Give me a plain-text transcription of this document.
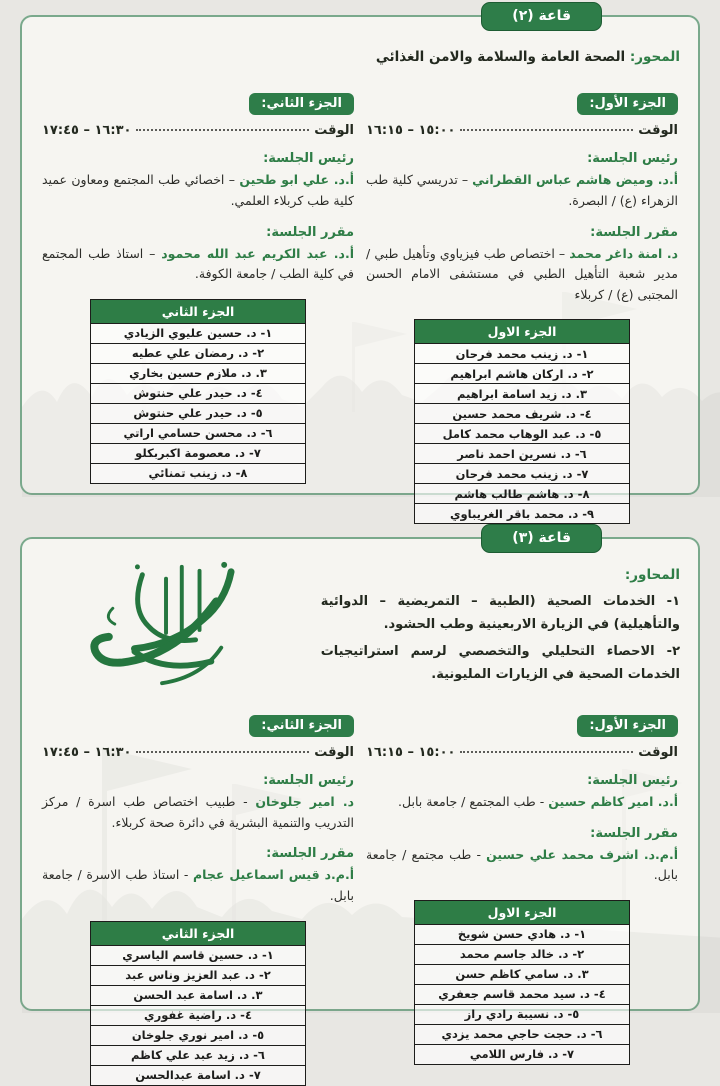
قاعة (٢)

المحور: الصحة العامة والسلامة والامن الغذائي

الجزء الأول:
الوقت
١٥:٠٠ – ١٦:١٥

رئيس الجلسة:

أ.د. وميض هاشم عباس القطراني – تدريسي كلية طب الزهراء (ع) / البصرة.

مقرر الجلسة:

د. امنة داغر محمد – اختصاص طب فيزياوي وتأهيل طبي / مدير شعبة التأهيل الطبي في مستشفى الامام الحسن المجتبى (ع) / كربلاء

الجزء الاول
١- د. زينب محمد فرحان
٢- د. اركان هاشم ابراهيم
٣. د. زيد اسامة ابراهيم
٤- د. شريف محمد حسين
٥- د. عبد الوهاب محمد كامل
٦- د. نسرين احمد ناصر
٧- د. زينب محمد فرحان
٨- د. هاشم طالب هاشم
٩- د. محمد باقر الغريباوي
الجزء الثاني:
الوقت
١٦:٣٠ – ١٧:٤٥

رئيس الجلسة:

أ.د. علي ابو طحين – اخصائي طب المجتمع ومعاون عميد كلية طب كربلاء العلمي.

مقرر الجلسة:

أ.د. عبد الكريم عبد الله محمود – استاذ طب المجتمع في كلية الطب / جامعة الكوفة.

الجزء الثاني
١- د. حسين عليوي الزيادي
٢- د. رمضان علي عطيه
٣. د. ملازم حسين بخاري
٤- د. حيدر علي حنتوش
٥- د. حيدر علي حنتوش
٦- د. محسن حسامي اراتي
٧- د. معصومة اكبربكلو
٨- د. زينب تمنائي
قاعة (٣)

المحاور:

١- الخدمات الصحية (الطبية – التمريضية – الدوائية والتأهيلية) في الزيارة الاربعينية وطب الحشود.

٢- الاحصاء التحليلي والتخصصي لرسم استراتيجيات الخدمات الصحية في الزيارات المليونية.

الجزء الأول:
الوقت
١٥:٠٠ – ١٦:١٥

رئيس الجلسة:

أ.د. امير كاظم حسين - طب المجتمع / جامعة بابل.

مقرر الجلسة:

أ.م.د. اشرف محمد علي حسين - طب مجتمع / جامعة بابل.

الجزء الاول
١- د. هادي حسن شويخ
٢- د. خالد جاسم محمد
٣. د. سامي كاظم حسن
٤- د. سيد محمد قاسم جعفري
٥- د. نسيبة رادي راز
٦- د. حجت حاجي محمد يزدي
٧- د. فارس اللامي
الجزء الثاني:
الوقت
١٦:٣٠ – ١٧:٤٥

رئيس الجلسة:

د. امير جلوخان - طبيب اختصاص طب اسرة / مركز التدريب والتنمية البشرية في دائرة صحة كربلاء.

مقرر الجلسة:

أ.م.د قيس اسماعيل عجام - استاذ طب الاسرة / جامعة بابل.

الجزء الثاني
١- د. حسين قاسم الياسري
٢- د. عبد العزيز وناس عبد
٣. د. اسامة عبد الحسن
٤- د. راضية غفوري
٥- د. امير نوري جلوخان
٦- د. زيد عبد علي كاظم
٧- د. اسامة عبدالحسن
